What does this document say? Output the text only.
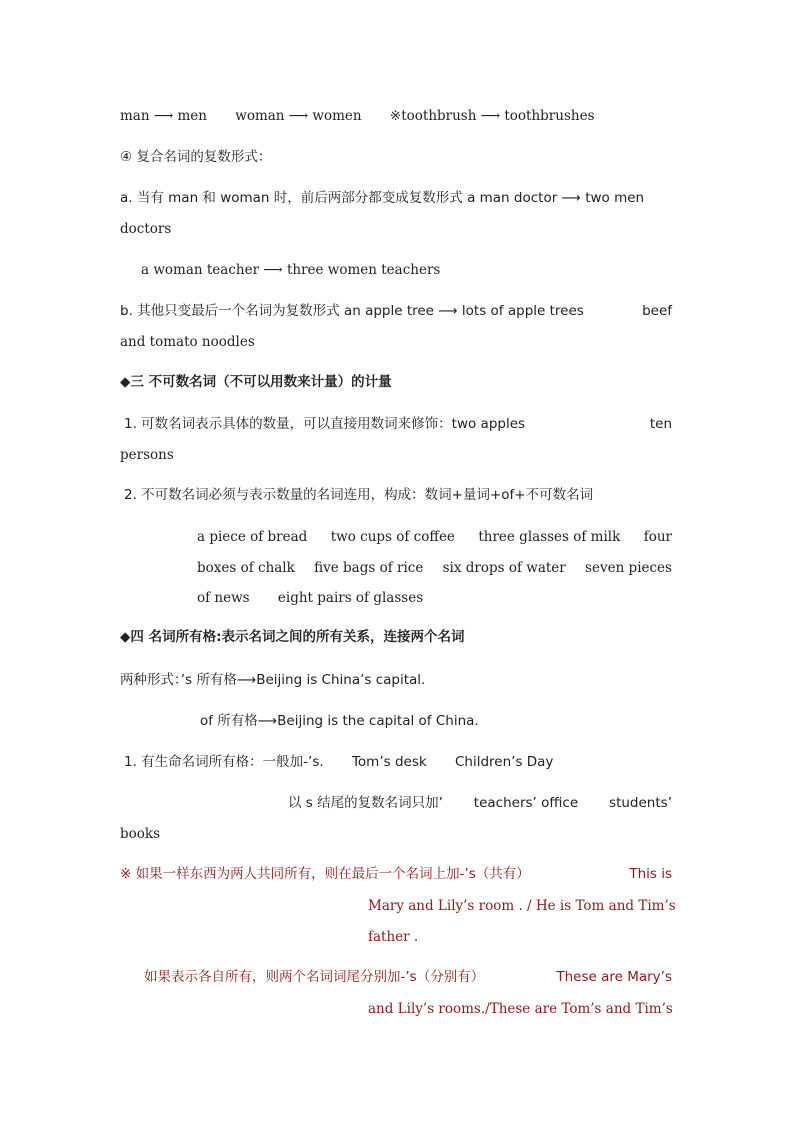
man ⟶ men woman ⟶ women ※toothbrush ⟶ toothbrushes
④ 复合名词的复数形式：
a. 当有 man 和 woman 时，前后两部分都变成复数形式 a man doctor ⟶ two men
doctors
a woman teacher ⟶ three women teachers
b. 其他只变最后一个名词为复数形式 an apple tree ⟶ lots of apple trees	beef
and tomato noodles
◆三 不可数名词（不可以用数来计量）的计量
1. 可数名词表示具体的数量，可以直接用数词来修饰：two apples	ten
persons
2. 不可数名词必须与表示数量的名词连用，构成：数词+量词+of+不可数名词
a piece of bread two cups of coffee three glasses of milk four
boxes of chalk five bags of rice six drops of water seven pieces
of news eight pairs of glasses
◆四 名词所有格:表示名词之间的所有关系，连接两个名词
两种形式：’s 所有格⟶Beijing is China’s capital.
of 所有格⟶Beijing is the capital of China.
1. 有生命名词所有格：一般加-’s. Tom’s desk Children’s Day
以 s 结尾的复数名词只加’ teachers’ office students’
books
※ 如果一样东西为两人共同所有，则在最后一个名词上加-’s（共有）	This is
Mary and Lily’s room . / He is Tom and Tim’s
father .
如果表示各自所有，则两个名词词尾分别加-’s（分别有）	These are Mary’s
and Lily’s rooms./These are Tom’s and Tim’s
